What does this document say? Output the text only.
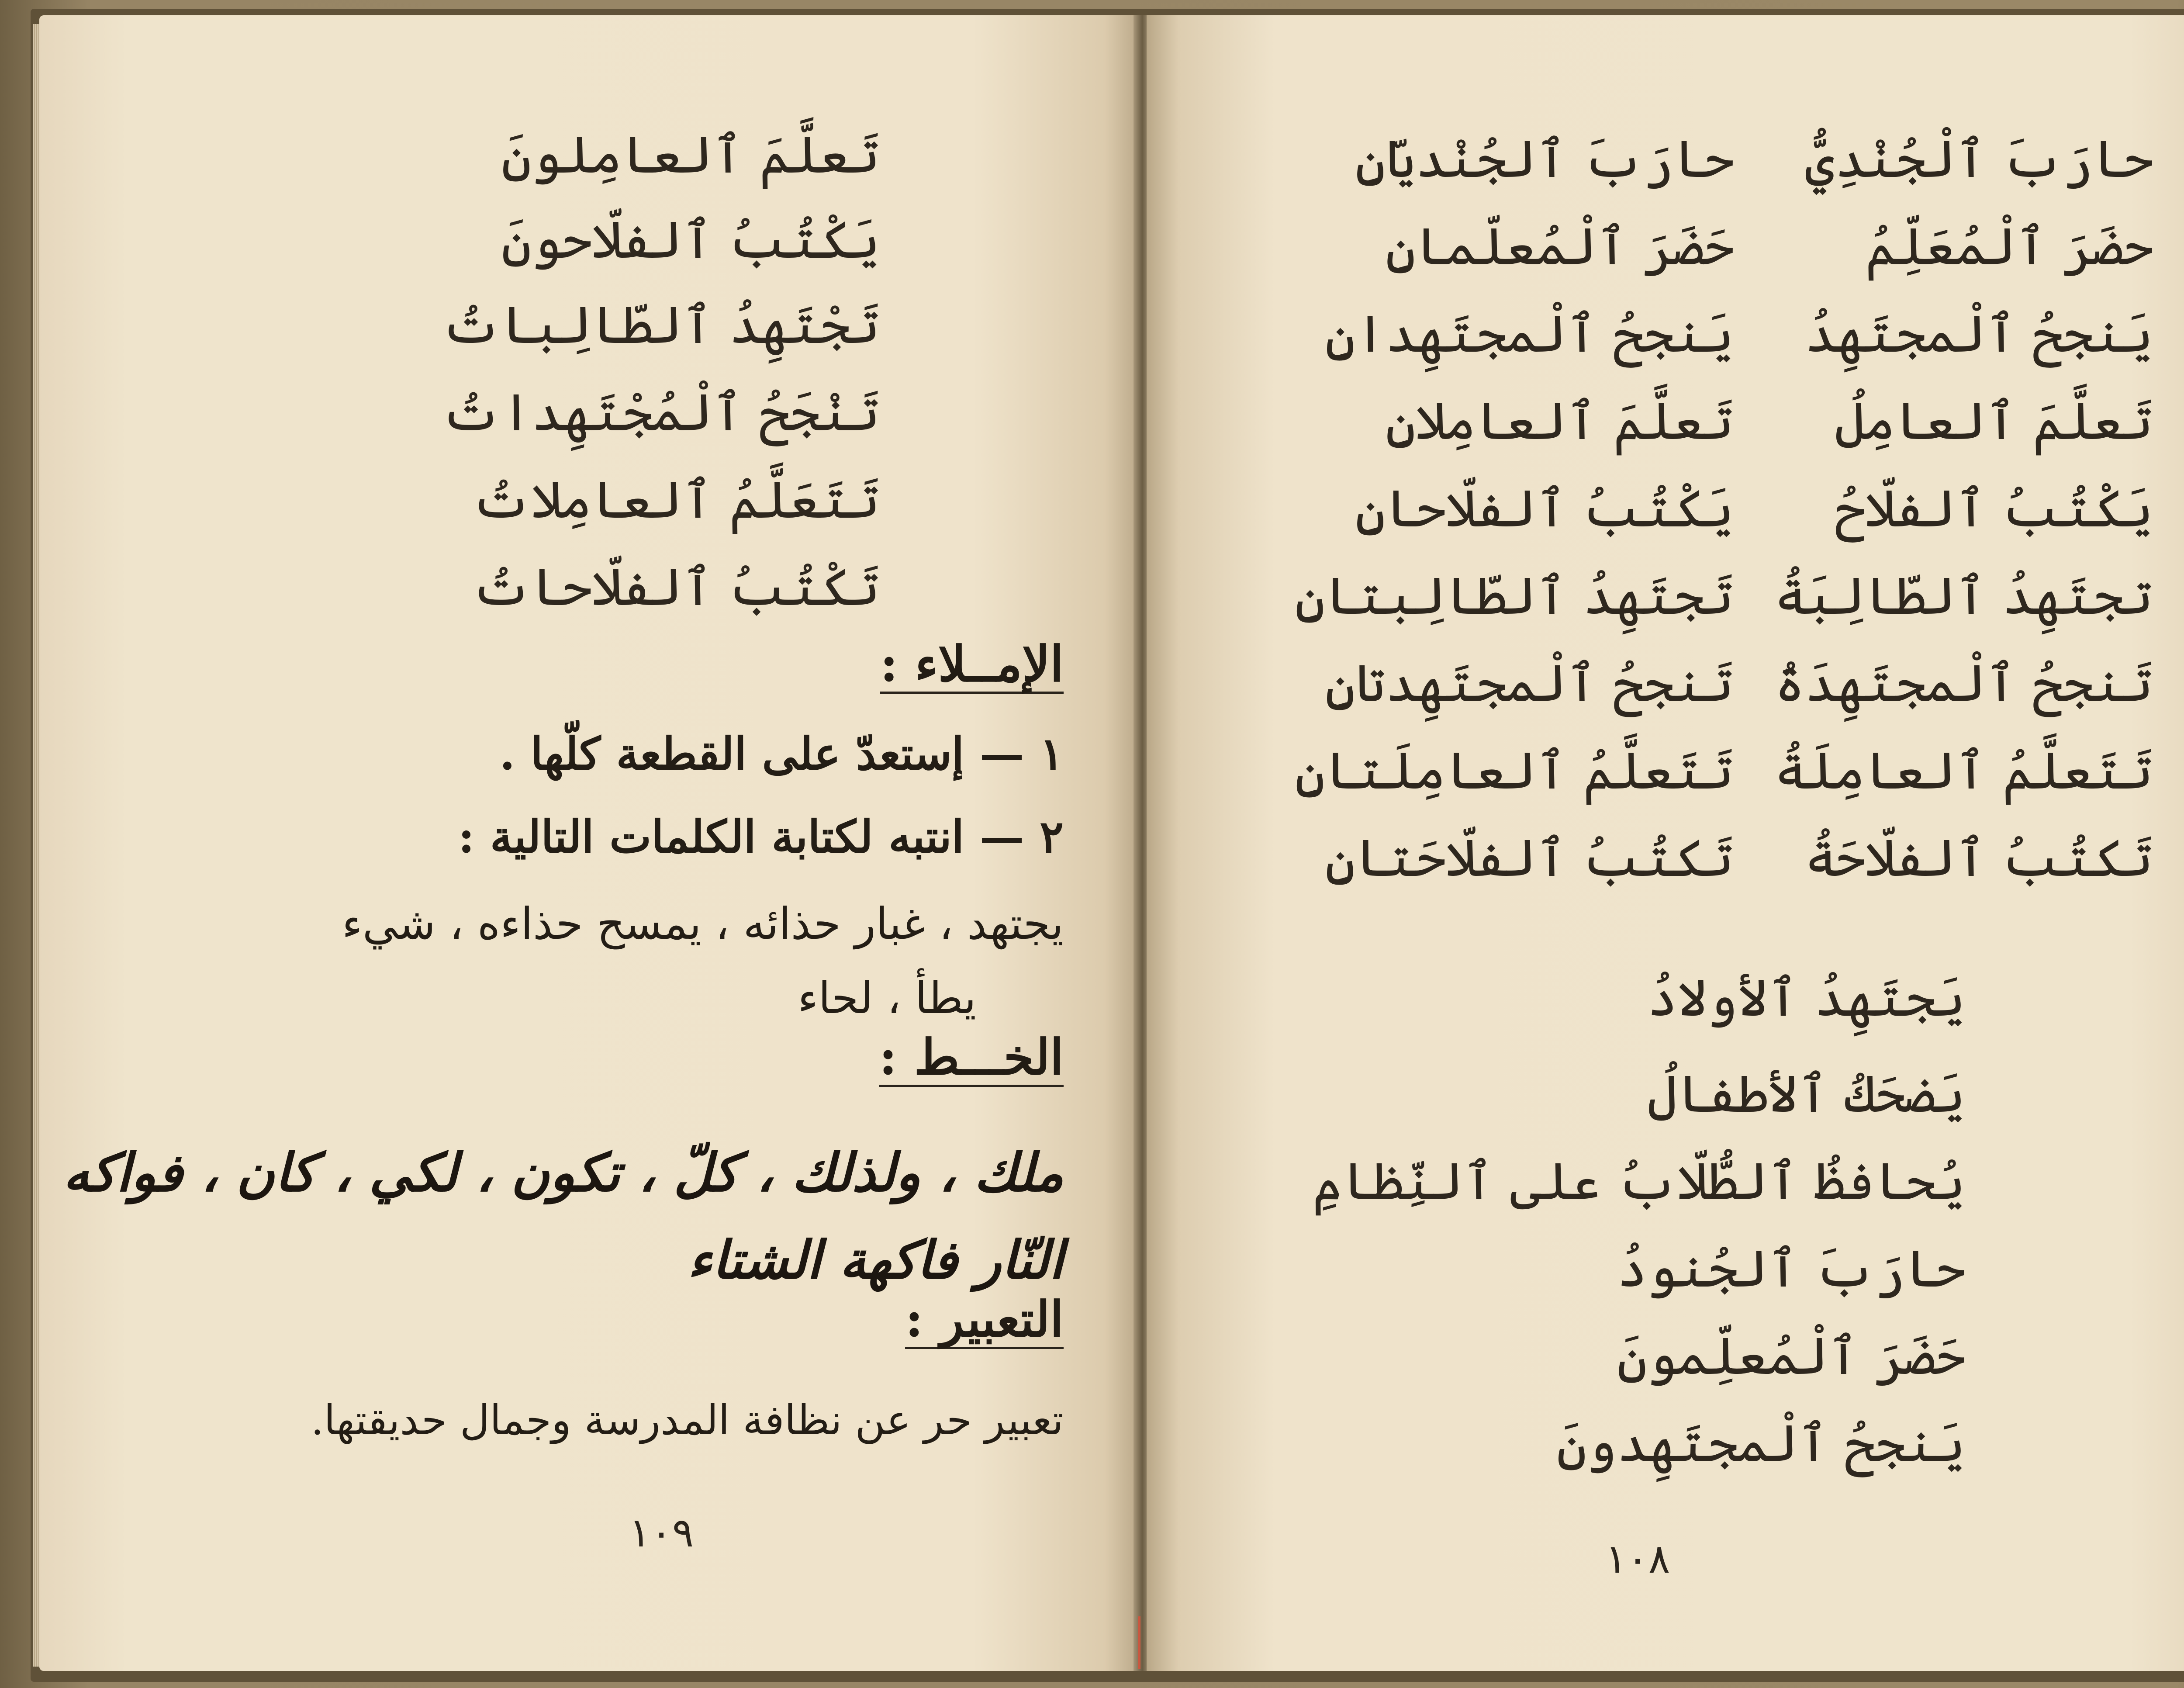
تَعلَّمَ ٱلعامِلونَ
يَكْتُبُ ٱلفلّاحونَ
تَجْتَهِدُ ٱلطّالِباتُ
تَنْجَحُ ٱلْمُجْتَهِداتُ
تَتَعَلَّمُ ٱلعامِلاتُ
تَكْتُبُ ٱلفلّاحاتُ
الإمــلاء :
١ — إستعدّ على القطعة كلّها .
٢ — انتبه لكتابة الكلمات التالية :
يجتهد ، غبار حذائه ، يمسح حذاءه ، شيء
يطأ ، لحاء
الخـــط :
ملك ، ولذلك ، كلّ ، تكون ، لكي ، كان ، فواكه
النّار فاكهة الشتاء
التعبير :
تعبير حر عن نظافة المدرسة وجمال حديقتها.
١٠٩
حارَبَ ٱلْجُنْدِيُّ
حضَرَ ٱلْمُعَلِّمُ
يَنجحُ ٱلْمجتَهِدُ
تَعلَّمَ ٱلعامِلُ
يَكْتُبُ ٱلفلّاحُ
تجتَهِدُ ٱلطّالِبَةُ
تَنجحُ ٱلْمجتَهِدَةُ
تَتَعلَّمُ ٱلعامِلَةُ
تَكتُبُ ٱلفلّاحَةُ
حارَبَ ٱلجُنْديّانِ
حَضَرَ ٱلْمُعلّمانِ
يَنجحُ ٱلْمجتَهِدانِ
تَعلَّمَ ٱلعامِلانِ
يَكْتُبُ ٱلفلّاحانِ
تَجتَهِدُ ٱلطّالِبتانِ
تَنجحُ ٱلْمجتَهِدتانِ
تَتَعلَّمُ ٱلعامِلَتانِ
تَكتُبُ ٱلفلّاحَتانِ
يَجتَهِدُ ٱلأولادُ
يَضحَكُ ٱلأطفالُ
يُحافظُ ٱلطُّلّابُ على ٱلنِّظامِ
حارَبَ ٱلجُنودُ
حَضَرَ ٱلْمُعلِّمونَ
يَنجحُ ٱلْمجتَهِدونَ
١٠٨
